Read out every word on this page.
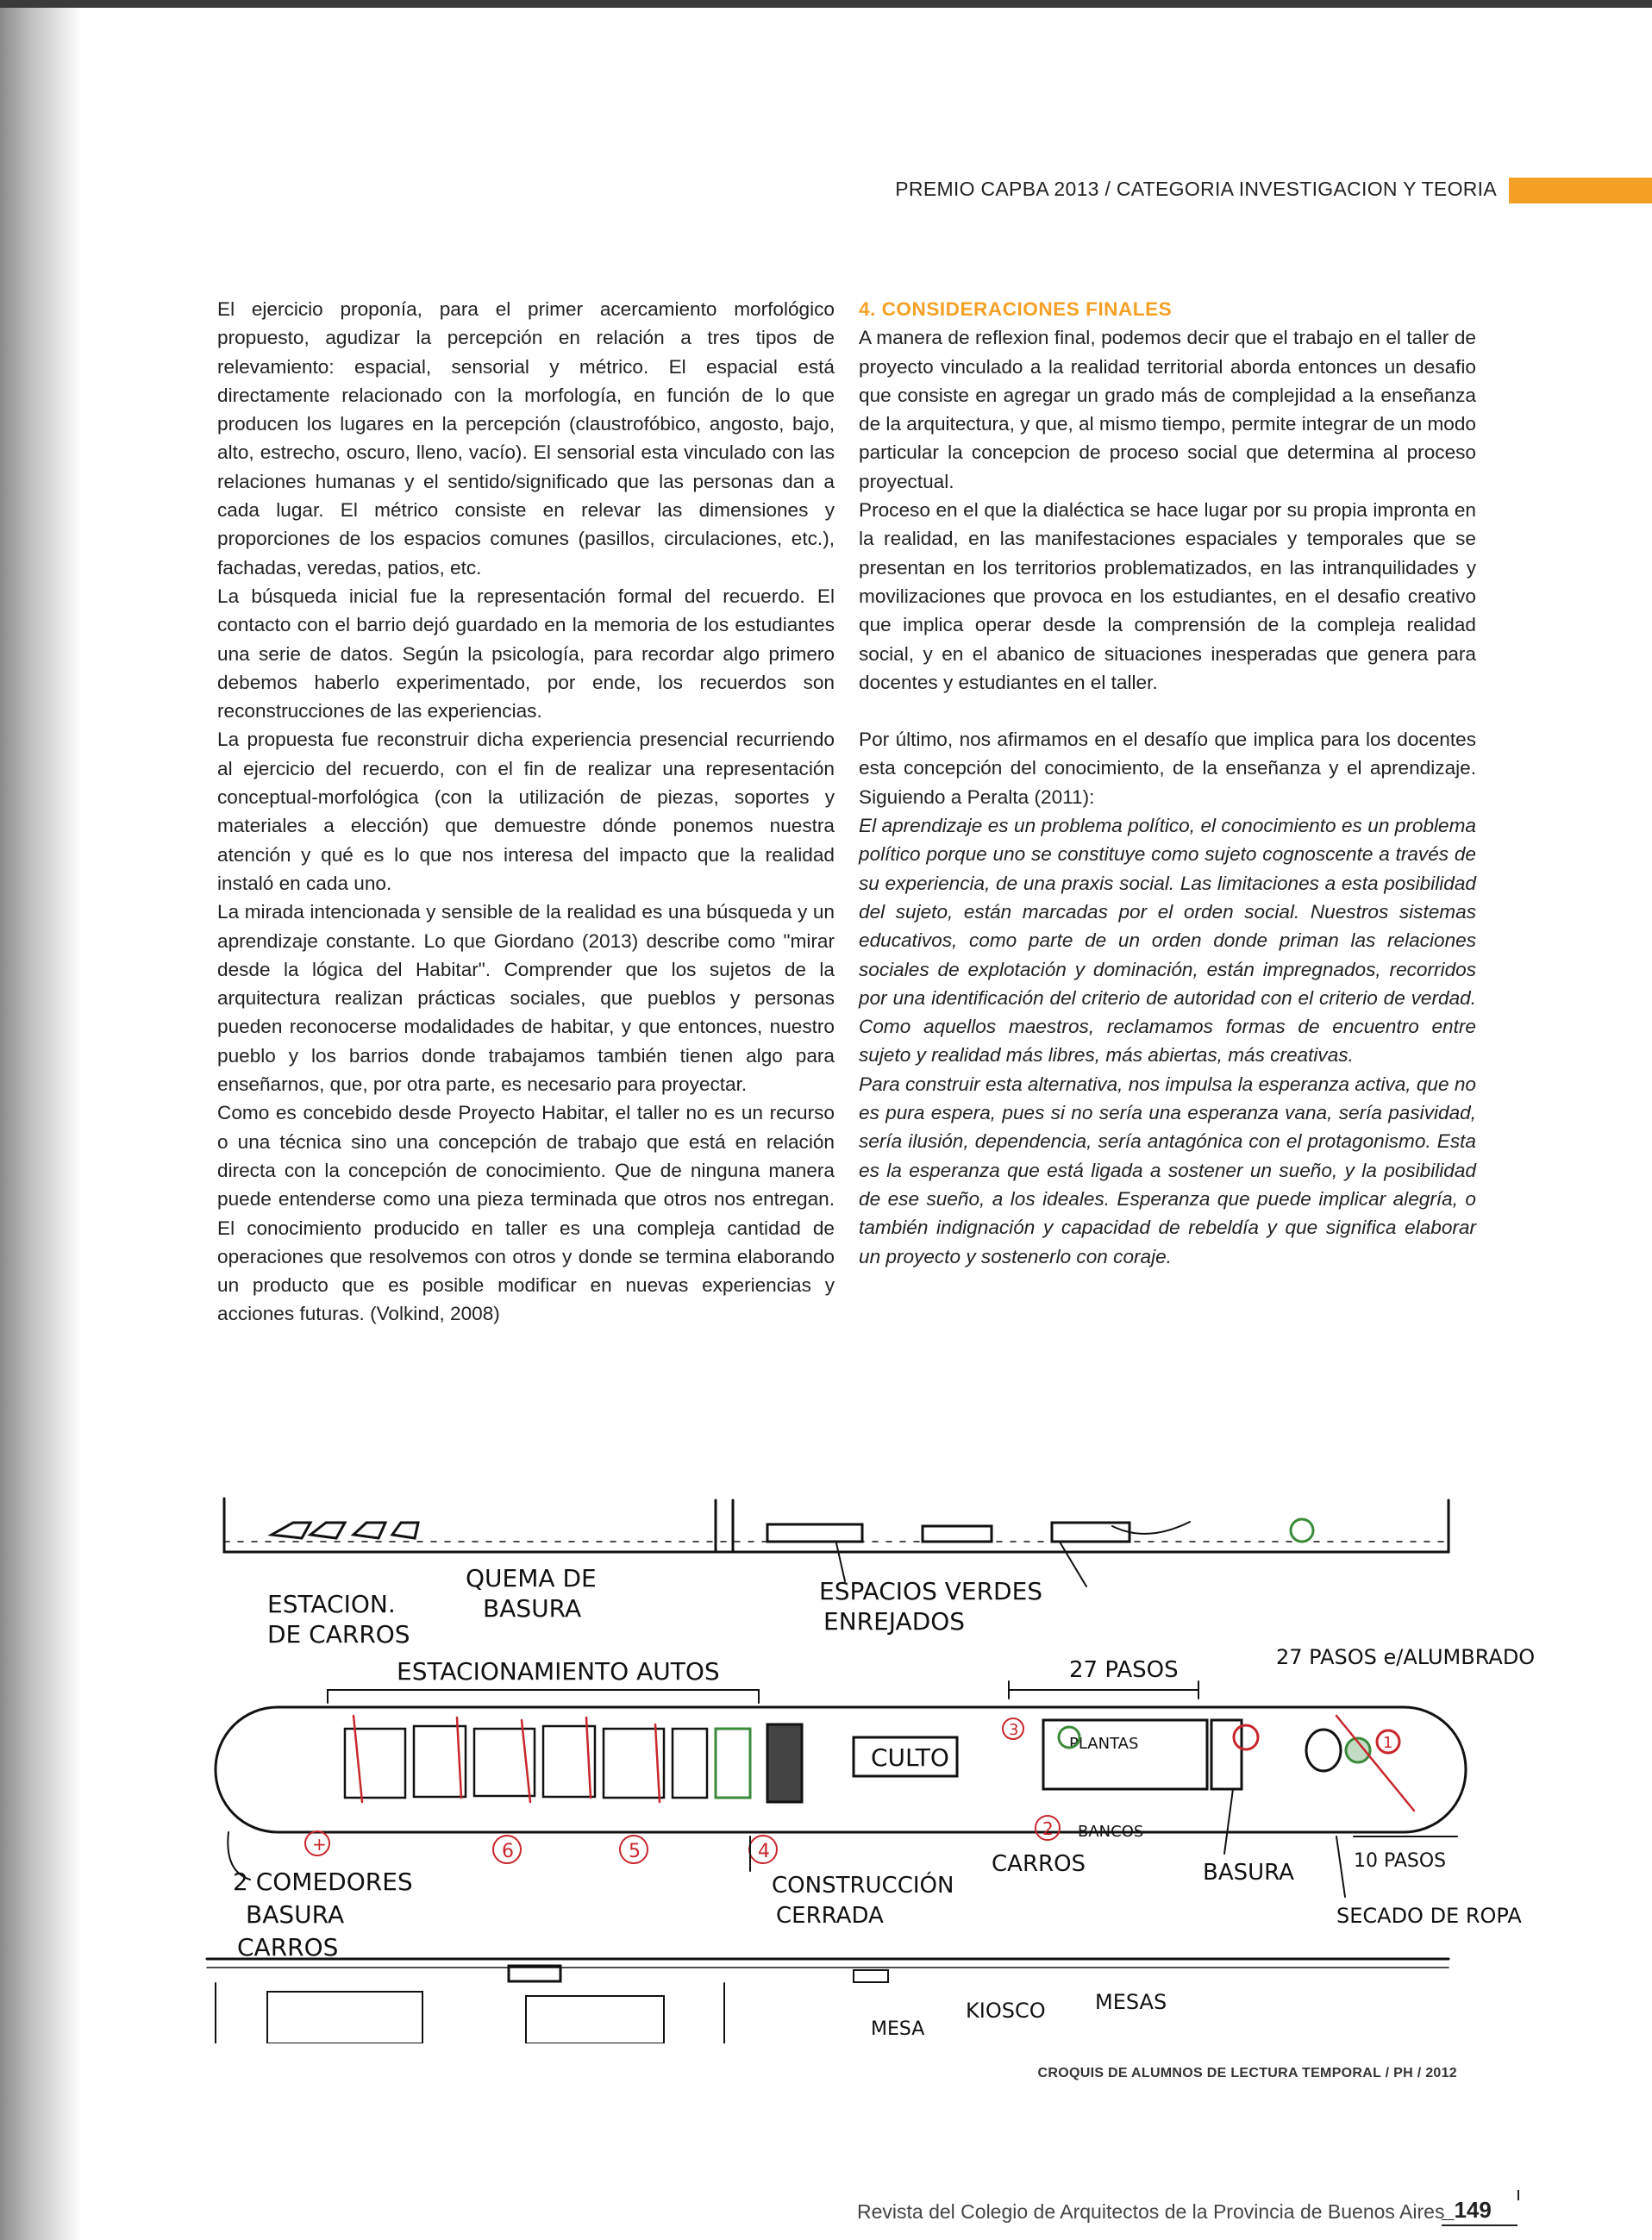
PREMIO CAPBA 2013 / CATEGORIA INVESTIGACION Y TEORIA

El ejercicio proponía, para el primer acercamiento morfológico propuesto, agudizar la percepción en relación a tres tipos de relevamiento: espacial, sensorial y métrico. El espacial está directamente relacionado con la morfología, en función de lo que producen los lugares en la percepción (claustrofóbico, angosto, bajo, alto, estrecho, oscuro, lleno, vacío). El sensorial esta vinculado con las relaciones humanas y el sentido/significado que las personas dan a cada lugar. El métrico consiste en relevar las dimensiones y proporciones de los espacios comunes (pasillos, circulaciones, etc.), fachadas, veredas, patios, etc.

La búsqueda inicial fue la representación formal del recuerdo. El contacto con el barrio dejó guardado en la memoria de los estudiantes una serie de datos. Según la psicología, para recordar algo primero debemos haberlo experimentado, por ende, los recuerdos son reconstrucciones de las experiencias.

La propuesta fue reconstruir dicha experiencia presencial recurriendo al ejercicio del recuerdo, con el fin de realizar una representación conceptual-morfológica (con la utilización de piezas, soportes y materiales a elección) que demuestre dónde ponemos nuestra atención y qué es lo que nos interesa del impacto que la realidad instaló en cada uno.

La mirada intencionada y sensible de la realidad es una búsqueda y un aprendizaje constante. Lo que Giordano (2013) describe como "mirar desde la lógica del Habitar". Comprender que los sujetos de la arquitectura realizan prácticas sociales, que pueblos y personas pueden reconocerse modalidades de habitar, y que entonces, nuestro pueblo y los barrios donde trabajamos también tienen algo para enseñarnos, que, por otra parte, es necesario para proyectar.

Como es concebido desde Proyecto Habitar, el taller no es un recurso o una técnica sino una concepción de trabajo que está en relación directa con la concepción de conocimiento. Que de ninguna manera puede entenderse como una pieza terminada que otros nos entregan. El conocimiento producido en taller es una compleja cantidad de operaciones que resolvemos con otros y donde se termina elaborando un producto que es posible modificar en nuevas experiencias y acciones futuras. (Volkind, 2008)

4. CONSIDERACIONES FINALES

A manera de reflexion final, podemos decir que el trabajo en el taller de proyecto vinculado a la realidad territorial aborda entonces un desafio que consiste en agregar un grado más de complejidad a la enseñanza de la arquitectura, y que, al mismo tiempo, permite integrar de un modo particular la concepcion de proceso social que determina al proceso proyectual.

Proceso en el que la dialéctica se hace lugar por su propia impronta en la realidad, en las manifestaciones espaciales y temporales que se presentan en los territorios problematizados, en las intranquilidades y movilizaciones que provoca en los estudiantes, en el desafio creativo que implica operar desde la comprensión de la compleja realidad social, y en el abanico de situaciones inesperadas que genera para docentes y estudiantes en el taller.

Por último, nos afirmamos en el desafío que implica para los docentes esta concepción del conocimiento, de la enseñanza y el aprendizaje. Siguiendo a Peralta (2011):

El aprendizaje es un problema político, el conocimiento es un problema político porque uno se constituye como sujeto cognoscente a través de su experiencia, de una praxis social. Las limitaciones a esta posibilidad del sujeto, están marcadas por el orden social. Nuestros sistemas educativos, como parte de un orden donde priman las relaciones sociales de explotación y dominación, están impregnados, recorridos por una identificación del criterio de autoridad con el criterio de verdad. Como aquellos maestros, reclamamos formas de encuentro entre sujeto y realidad más libres, más abiertas, más creativas.

Para construir esta alternativa, nos impulsa la esperanza activa, que no es pura espera, pues si no sería una esperanza vana, sería pasividad, sería ilusión, dependencia, sería antagónica con el protagonismo. Esta es la esperanza que está ligada a sostener un sueño, y la posibilidad de ese sueño, a los ideales. Esperanza que puede implicar alegría, o también indignación y capacidad de rebeldía y que significa elaborar un proyecto y sostenerlo con coraje.

ESTACION.
DE CARROS
QUEMA DE
BASURA
ESPACIOS VERDES
ENREJADOS
ESTACIONAMIENTO AUTOS	27 PASOS	27 PASOS e/ALUMBRADO
CULTO	PLANTAS
+	6	5	4
3
2
1
2 COMEDORES
BASURA
CARROS
CONSTRUCCIÓN
CERRADA
CARROS
BANCOS
BASURA	10 PASOS
SECADO DE ROPA
KIOSCO MESAS
MESA
CROQUIS DE ALUMNOS DE LECTURA TEMPORAL / PH / 2012
Revista del Colegio de Arquitectos de la Provincia de Buenos Aires
_149
